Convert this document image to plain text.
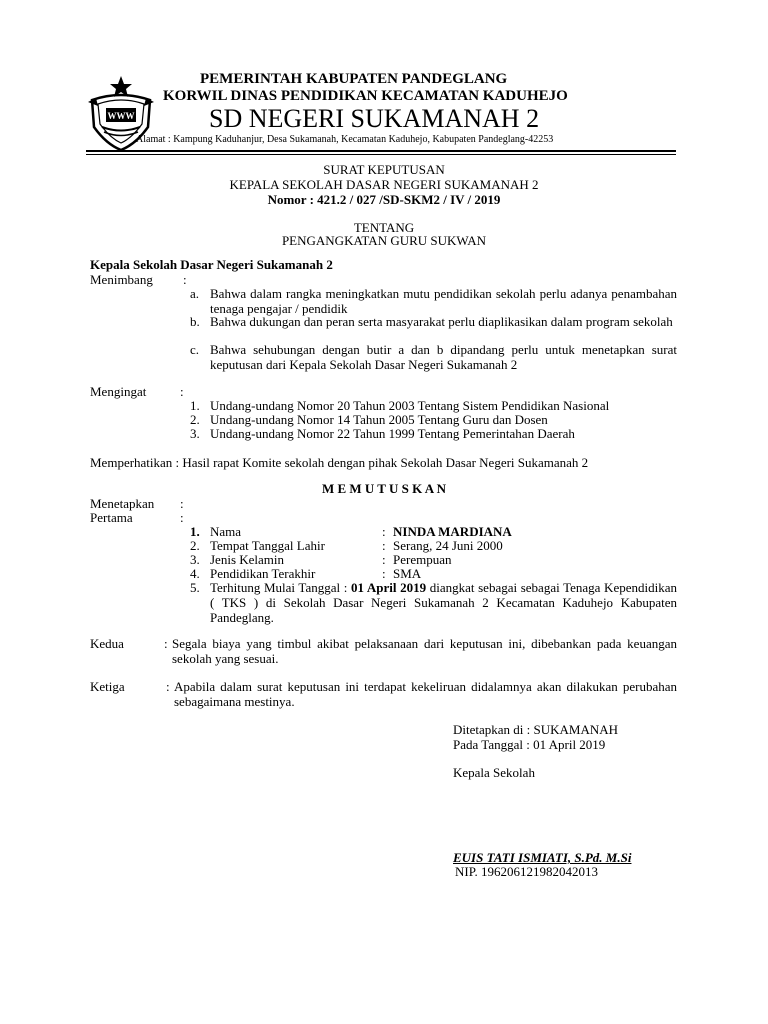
WWW
PEMERINTAH KABUPATEN PANDEGLANG
KORWIL DINAS PENDIDIKAN KECAMATAN KADUHEJO
SD NEGERI SUKAMANAH 2
Alamat : Kampung Kaduhanjur, Desa Sukamanah, Kecamatan Kaduhejo, Kabupaten Pandeglang-42253
SURAT KEPUTUSAN
KEPALA SEKOLAH DASAR NEGERI SUKAMANAH 2
Nomor : 421.2 / 027 /SD-SKM2 / IV / 2019
TENTANG
PENGANGKATAN GURU SUKWAN
Kepala Sekolah Dasar Negeri Sukamanah 2
Menimbang :
a. Bahwa dalam rangka meningkatkan mutu pendidikan sekolah perlu adanya penambahan tenaga pengajar / pendidik
b. Bahwa dukungan dan peran serta masyarakat perlu diaplikasikan dalam program sekolah
c. Bahwa sehubungan dengan butir a dan b dipandang perlu untuk menetapkan surat keputusan dari Kepala Sekolah Dasar Negeri Sukamanah 2
Mengingat	:
1. Undang-undang Nomor 20 Tahun 2003 Tentang Sistem Pendidikan Nasional
2. Undang-undang Nomor 14 Tahun 2005 Tentang Guru dan Dosen
3. Undang-undang Nomor 22 Tahun 1999 Tentang Pemerintahan Daerah
Memperhatikan : Hasil rapat Komite sekolah dengan pihak Sekolah Dasar Negeri Sukamanah 2
M E M U T U S K A N
Menetapkan :
Pertama	:
1. Nama	: NINDA MARDIANA
2. Tempat Tanggal Lahir	: Serang, 24 Juni 2000
3. Jenis Kelamin	: Perempuan
4. Pendidikan Terakhir	: SMA
5. Terhitung Mulai Tanggal : 01 April 2019 diangkat sebagai sebagai Tenaga Kependidikan ( TKS ) di Sekolah Dasar Negeri Sukamanah 2 Kecamatan Kaduhejo Kabupaten Pandeglang.
Kedua	: Segala biaya yang timbul akibat pelaksanaan dari keputusan ini, dibebankan pada keuangan sekolah yang sesuai.
Ketiga	: Apabila dalam surat keputusan ini terdapat kekeliruan didalamnya akan dilakukan perubahan sebagaimana mestinya.
Ditetapkan di : SUKAMANAH
Pada Tanggal : 01 April 2019
Kepala Sekolah
EUIS TATI ISMIATI, S.Pd. M.Si
NIP. 196206121982042013
